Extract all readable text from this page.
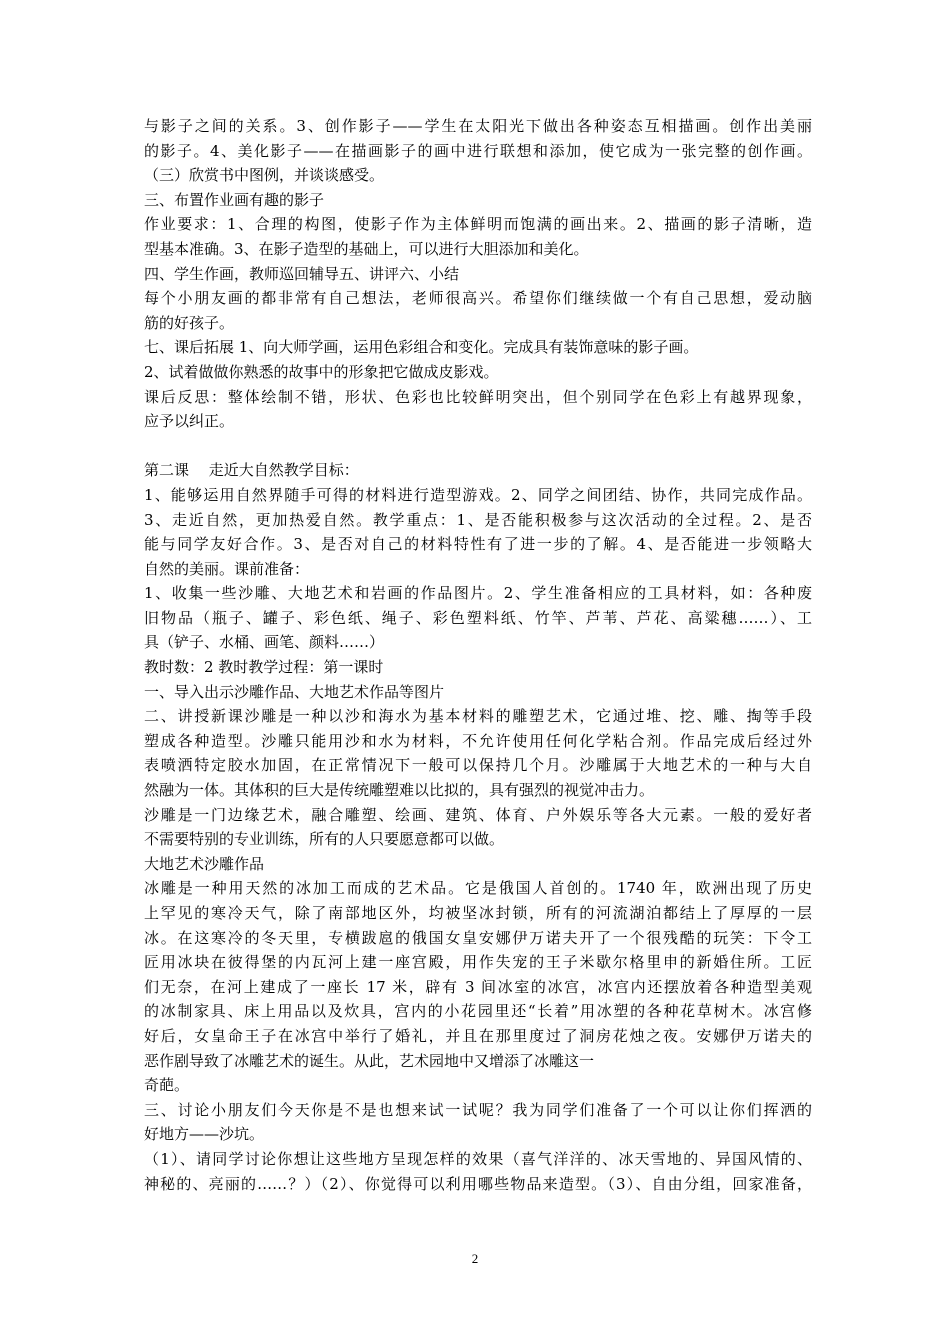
与影子之间的关系。3、创作影子——学生在太阳光下做出各种姿态互相描画。创作出美丽
的影子。4、美化影子——在描画影子的画中进行联想和添加，使它成为一张完整的创作画。
（三）欣赏书中图例，并谈谈感受。
三、布置作业画有趣的影子
作业要求：1、合理的构图，使影子作为主体鲜明而饱满的画出来。2、描画的影子清晰，造
型基本准确。3、在影子造型的基础上，可以进行大胆添加和美化。
四、学生作画，教师巡回辅导五、讲评六、小结
每个小朋友画的都非常有自己想法，老师很高兴。希望你们继续做一个有自己思想，爱动脑
筋的好孩子。
七、课后拓展 1、向大师学画，运用色彩组合和变化。完成具有装饰意味的影子画。
2、试着做做你熟悉的故事中的形象把它做成皮影戏。
课后反思：整体绘制不错，形状、色彩也比较鲜明突出，但个别同学在色彩上有越界现象，
应予以纠正。
第二课　 走近大自然教学目标：
1、能够运用自然界随手可得的材料进行造型游戏。2、同学之间团结、协作，共同完成作品。
3、走近自然，更加热爱自然。教学重点：1、是否能积极参与这次活动的全过程。2、是否
能与同学友好合作。3、是否对自己的材料特性有了进一步的了解。4、是否能进一步领略大
自然的美丽。课前准备：
1、收集一些沙雕、大地艺术和岩画的作品图片。2、学生准备相应的工具材料，如：各种废
旧物品（瓶子、罐子、彩色纸、绳子、彩色塑料纸、竹竿、芦苇、芦花、高粱穗……）、工
具（铲子、水桶、画笔、颜料……）
教时数：2 教时教学过程：第一课时
一、导入出示沙雕作品、大地艺术作品等图片
二、讲授新课沙雕是一种以沙和海水为基本材料的雕塑艺术，它通过堆、挖、雕、掏等手段
塑成各种造型。沙雕只能用沙和水为材料，不允许使用任何化学粘合剂。作品完成后经过外
表喷洒特定胶水加固，在正常情况下一般可以保持几个月。沙雕属于大地艺术的一种与大自
然融为一体。其体积的巨大是传统雕塑难以比拟的，具有强烈的视觉冲击力。
沙雕是一门边缘艺术，融合雕塑、绘画、建筑、体育、户外娱乐等各大元素。一般的爱好者
不需要特别的专业训练，所有的人只要愿意都可以做。
大地艺术沙雕作品
冰雕是一种用天然的冰加工而成的艺术品。它是俄国人首创的。1740 年，欧洲出现了历史
上罕见的寒冷天气，除了南部地区外，均被坚冰封锁，所有的河流湖泊都结上了厚厚的一层
冰。在这寒冷的冬天里，专横跋扈的俄国女皇安娜伊万诺夫开了一个很残酷的玩笑：下令工
匠用冰块在彼得堡的内瓦河上建一座宫殿，用作失宠的王子米歇尔格里申的新婚住所。工匠
们无奈，在河上建成了一座长 17 米，辟有 3 间冰室的冰宫，冰宫内还摆放着各种造型美观
的冰制家具、床上用品以及炊具，宫内的小花园里还“长着”用冰塑的各种花草树木。冰宫修
好后，女皇命王子在冰宫中举行了婚礼，并且在那里度过了洞房花烛之夜。安娜伊万诺夫的
恶作剧导致了冰雕艺术的诞生。从此，艺术园地中又增添了冰雕这一
奇葩。
三、讨论小朋友们今天你是不是也想来试一试呢？我为同学们准备了一个可以让你们挥洒的
好地方——沙坑。
（1）、请同学讨论你想让这些地方呈现怎样的效果（喜气洋洋的、冰天雪地的、异国风情的、
神秘的、亮丽的……？）（2）、你觉得可以利用哪些物品来造型。（3）、自由分组，回家准备，
2
